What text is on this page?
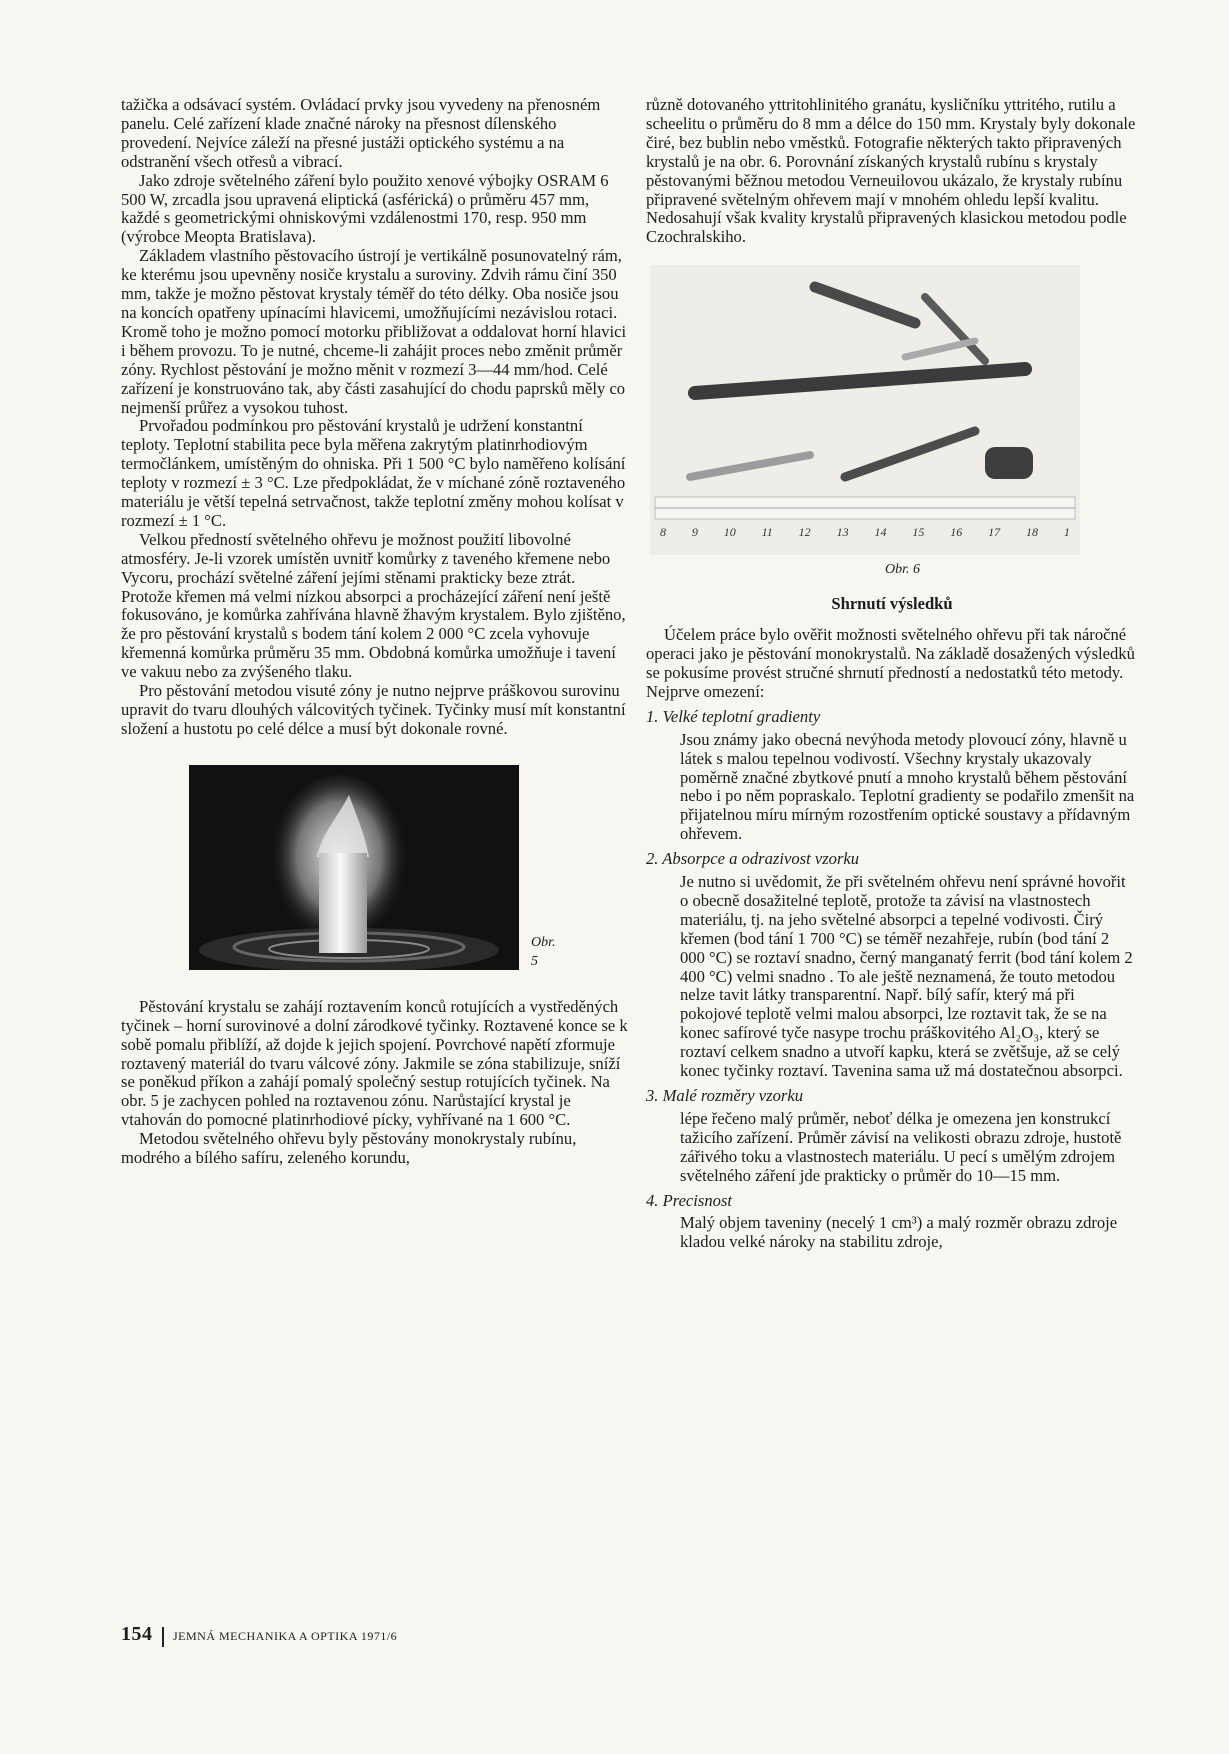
tažička a odsávací systém. Ovládací prvky jsou vyvedeny na přenosném panelu. Celé zařízení klade značné nároky na přesnost dílenského provedení. Nejvíce záleží na přesné justáži optického systému a na odstranění všech otřesů a vibrací.

Jako zdroje světelného záření bylo použito xenové výbojky OSRAM 6 500 W, zrcadla jsou upravená eliptická (asférická) o průměru 457 mm, každé s geometrickými ohniskovými vzdálenostmi 170, resp. 950 mm (výrobce Meopta Bratislava).

Základem vlastního pěstovacího ústrojí je vertikálně posunovatelný rám, ke kterému jsou upevněny nosiče krystalu a suroviny. Zdvih rámu činí 350 mm, takže je možno pěstovat krystaly téměř do této délky. Oba nosiče jsou na koncích opatřeny upínacími hlavicemi, umožňujícími nezávislou rotaci. Kromě toho je možno pomocí motorku přibližovat a oddalovat horní hlavici i během provozu. To je nutné, chceme-li zahájit proces nebo změnit průměr zóny. Rychlost pěstování je možno měnit v rozmezí 3—44 mm/hod. Celé zařízení je konstruováno tak, aby části zasahující do chodu paprsků měly co nejmenší průřez a vysokou tuhost.

Prvořadou podmínkou pro pěstování krystalů je udržení konstantní teploty. Teplotní stabilita pece byla měřena zakrytým platinrhodiovým termočlánkem, umístěným do ohniska. Při 1 500 °C bylo naměřeno kolísání teploty v rozmezí ± 3 °C. Lze předpokládat, že v míchané zóně roztaveného materiálu je větší tepelná setrvačnost, takže teplotní změny mohou kolísat v rozmezí ± 1 °C.

Velkou předností světelného ohřevu je možnost použití libovolné atmosféry. Je-li vzorek umístěn uvnitř komůrky z taveného křemene nebo Vycoru, prochází světelné záření jejími stěnami prakticky beze ztrát. Protože křemen má velmi nízkou absorpci a procházející záření není ještě fokusováno, je komůrka zahřívána hlavně žhavým krystalem. Bylo zjištěno, že pro pěstování krystalů s bodem tání kolem 2 000 °C zcela vyhovuje křemenná komůrka průměru 35 mm. Obdobná komůrka umožňuje i tavení ve vakuu nebo za zvýšeného tlaku.

Pro pěstování metodou visuté zóny je nutno nejprve práškovou surovinu upravit do tvaru dlouhých válcovitých tyčinek. Tyčinky musí mít konstantní složení a hustotu po celé délce a musí být dokonale rovné.

Obr. 5

Pěstování krystalu se zahájí roztavením konců rotujících a vystředěných tyčinek – horní surovinové a dolní zárodkové tyčinky. Roztavené konce se k sobě pomalu přiblíží, až dojde k jejich spojení. Povrchové napětí zformuje roztavený materiál do tvaru válcové zóny. Jakmile se zóna stabilizuje, sníží se poněkud příkon a zahájí pomalý společný sestup rotujících tyčinek. Na obr. 5 je zachycen pohled na roztavenou zónu. Narůstající krystal je vtahován do pomocné platinrhodiové pícky, vyhřívané na 1 600 °C.

Metodou světelného ohřevu byly pěstovány monokrystaly rubínu, modrého a bílého safíru, zeleného korundu,

různě dotovaného yttritohlinitého granátu, kysličníku yttritého, rutilu a scheelitu o průměru do 8 mm a délce do 150 mm. Krystaly byly dokonale čiré, bez bublin nebo vměstků. Fotografie některých takto připravených krystalů je na obr. 6. Porovnání získaných krystalů rubínu s krystaly pěstovanými běžnou metodou Verneuilovou ukázalo, že krystaly rubínu připravené světelným ohřevem mají v mnohém ohledu lepší kvalitu. Nedosahují však kvality krystalů připravených klasickou metodou podle Czochralskiho.

8 9 10 11 12 13 14 15 16 17 18 1
Obr. 6
Shrnutí výsledků

Účelem práce bylo ověřit možnosti světelného ohřevu při tak náročné operaci jako je pěstování monokrystalů. Na základě dosažených výsledků se pokusíme provést stručné shrnutí předností a nedostatků této metody.

Nejprve omezení:

1. Velké teplotní gradienty
Jsou známy jako obecná nevýhoda metody plovoucí zóny, hlavně u látek s malou tepelnou vodivostí. Všechny krystaly ukazovaly poměrně značné zbytkové pnutí a mnoho krystalů během pěstování nebo i po něm popraskalo. Teplotní gradienty se podařilo zmenšit na přijatelnou míru mírným rozostřením optické soustavy a přídavným ohřevem.
2. Absorpce a odrazivost vzorku
Je nutno si uvědomit, že při světelném ohřevu není správné hovořit o obecně dosažitelné teplotě, protože ta závisí na vlastnostech materiálu, tj. na jeho světelné absorpci a tepelné vodivosti. Čirý křemen (bod tání 1 700 °C) se téměř nezahřeje, rubín (bod tání 2 000 °C) se roztaví snadno, černý manganatý ferrit (bod tání kolem 2 400 °C) velmi snadno . To ale ještě neznamená, že touto metodou nelze tavit látky transparentní. Např. bílý safír, který má při pokojové teplotě velmi malou absorpci, lze roztavit tak, že se na konec safírové tyče nasype trochu práškovitého Al₂O₃, který se roztaví celkem snadno a utvoří kapku, která se zvětšuje, až se celý konec tyčinky roztaví. Tavenina sama už má dostatečnou absorpci.
3. Malé rozměry vzorku
lépe řečeno malý průměr, neboť délka je omezena jen konstrukcí tažicího zařízení. Průměr závisí na velikosti obrazu zdroje, hustotě zářivého toku a vlastnostech materiálu. U pecí s umělým zdrojem světelného záření jde prakticky o průměr do 10—15 mm.
4. Precisnost
Malý objem taveniny (necelý 1 cm³) a malý rozměr obrazu zdroje kladou velké nároky na stabilitu zdroje,
154 JEMNÁ MECHANIKA A OPTIKA 1971/6
